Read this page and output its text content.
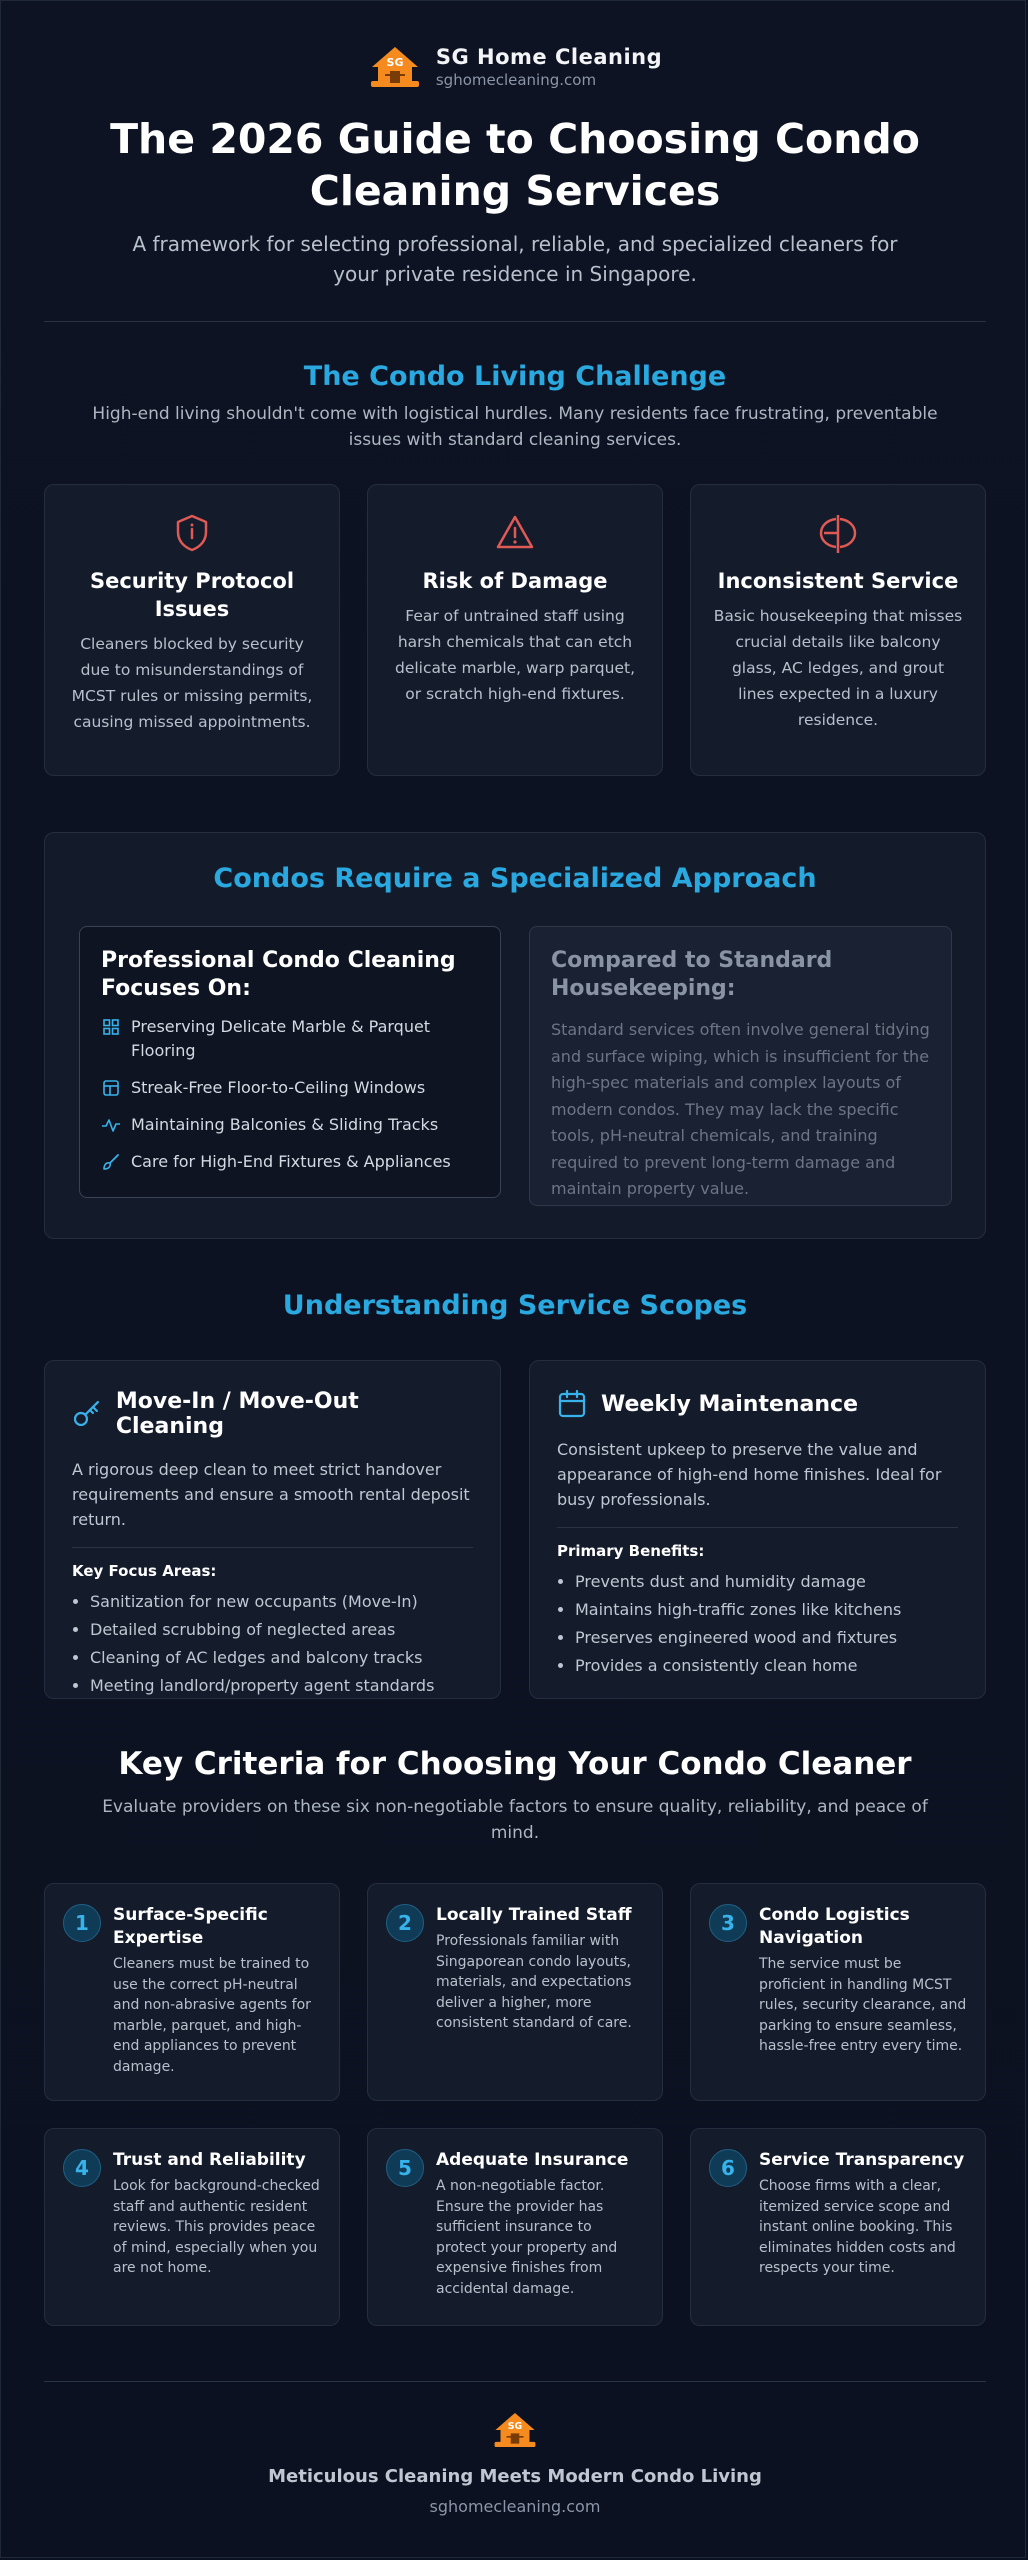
SG SG Home Cleaning
sghomecleaning.com
The 2026 Guide to Choosing Condo Cleaning Services

A framework for selecting professional, reliable, and specialized cleaners for your private residence in Singapore.

The Condo Living Challenge

High-end living shouldn't come with logistical hurdles. Many residents face frustrating, preventable issues with standard cleaning services.

Security Protocol Issues

Cleaners blocked by security due to misunderstandings of MCST rules or missing permits, causing missed appointments.

Risk of Damage

Fear of untrained staff using harsh chemicals that can etch delicate marble, warp parquet, or scratch high-end fixtures.

Inconsistent Service

Basic housekeeping that misses crucial details like balcony glass, AC ledges, and grout lines expected in a luxury residence.

Condos Require a Specialized Approach
Professional Condo Cleaning Focuses On:
Preserving Delicate Marble & Parquet Flooring
Streak-Free Floor-to-Ceiling Windows
Maintaining Balconies & Sliding Tracks
Care for High-End Fixtures & Appliances
Compared to Standard Housekeeping:

Standard services often involve general tidying and surface wiping, which is insufficient for the high-spec materials and complex layouts of modern condos. They may lack the specific tools, pH-neutral chemicals, and training required to prevent long-term damage and maintain property value.

Understanding Service Scopes
Move-In / Move-Out Cleaning

A rigorous deep clean to meet strict handover requirements and ensure a smooth rental deposit return.

Key Focus Areas:

• Sanitization for new occupants (Move-In)
• Detailed scrubbing of neglected areas
• Cleaning of AC ledges and balcony tracks
• Meeting landlord/property agent standards
Weekly Maintenance

Consistent upkeep to preserve the value and appearance of high-end home finishes. Ideal for busy professionals.

Primary Benefits:

• Prevents dust and humidity damage
• Maintains high-traffic zones like kitchens
• Preserves engineered wood and fixtures
• Provides a consistently clean home
Key Criteria for Choosing Your Condo Cleaner

Evaluate providers on these six non-negotiable factors to ensure quality, reliability, and peace of mind.

1	Surface-Specific Expertise

Cleaners must be trained to use the correct pH-neutral and non-abrasive agents for marble, parquet, and high-end appliances to prevent damage.

2	Locally Trained Staff

Professionals familiar with Singaporean condo layouts, materials, and expectations deliver a higher, more consistent standard of care.

3	Condo Logistics Navigation

The service must be proficient in handling MCST rules, security clearance, and parking to ensure seamless, hassle-free entry every time.

4	Trust and Reliability

Look for background-checked staff and authentic resident reviews. This provides peace of mind, especially when you are not home.

5	Adequate Insurance

A non-negotiable factor. Ensure the provider has sufficient insurance to protect your property and expensive finishes from accidental damage.

6	Service Transparency

Choose firms with a clear, itemized service scope and instant online booking. This eliminates hidden costs and respects your time.

SG

Meticulous Cleaning Meets Modern Condo Living

sghomecleaning.com
